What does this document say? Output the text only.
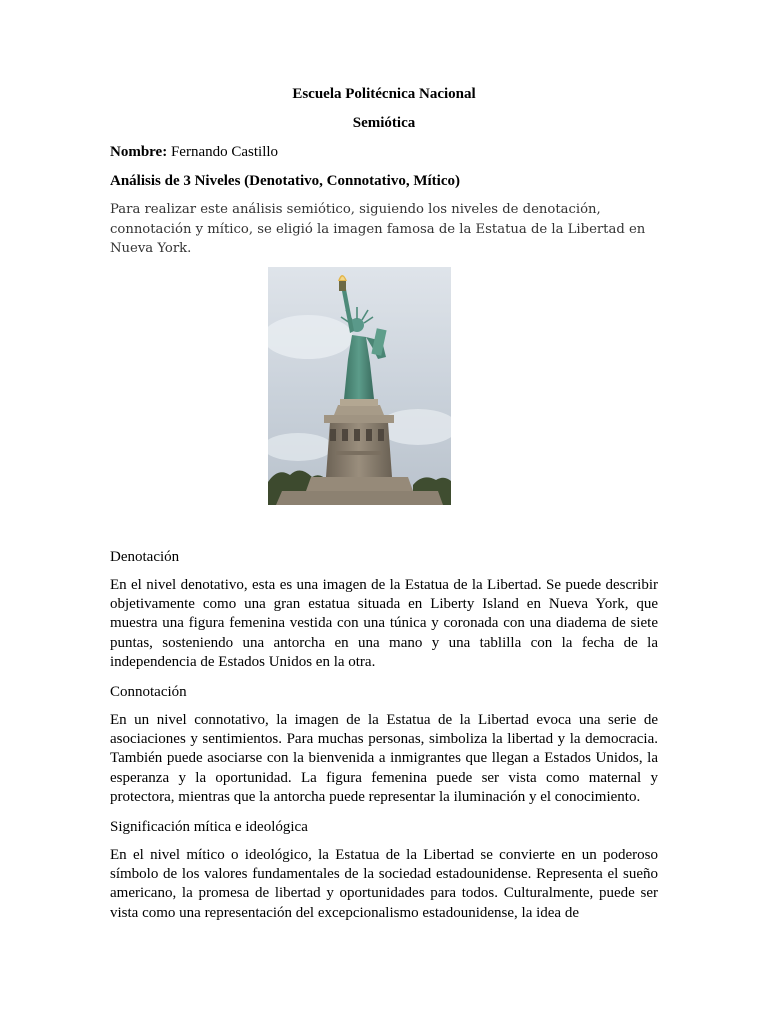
Escuela Politécnica Nacional

Semiótica

Nombre: Fernando Castillo

Análisis de 3 Niveles (Denotativo, Connotativo, Mítico)

Para realizar este análisis semiótico, siguiendo los niveles de denotación, connotación y mítico, se eligió la imagen famosa de la Estatua de la Libertad en Nueva York.

Denotación

En el nivel denotativo, esta es una imagen de la Estatua de la Libertad. Se puede describir objetivamente como una gran estatua situada en Liberty Island en Nueva York, que muestra una figura femenina vestida con una túnica y coronada con una diadema de siete puntas, sosteniendo una antorcha en una mano y una tablilla con la fecha de la independencia de Estados Unidos en la otra.

Connotación

En un nivel connotativo, la imagen de la Estatua de la Libertad evoca una serie de asociaciones y sentimientos. Para muchas personas, simboliza la libertad y la democracia. También puede asociarse con la bienvenida a inmigrantes que llegan a Estados Unidos, la esperanza y la oportunidad. La figura femenina puede ser vista como maternal y protectora, mientras que la antorcha puede representar la iluminación y el conocimiento.

Significación mítica e ideológica

En el nivel mítico o ideológico, la Estatua de la Libertad se convierte en un poderoso símbolo de los valores fundamentales de la sociedad estadounidense. Representa el sueño americano, la promesa de libertad y oportunidades para todos. Culturalmente, puede ser vista como una representación del excepcionalismo estadounidense, la idea de
